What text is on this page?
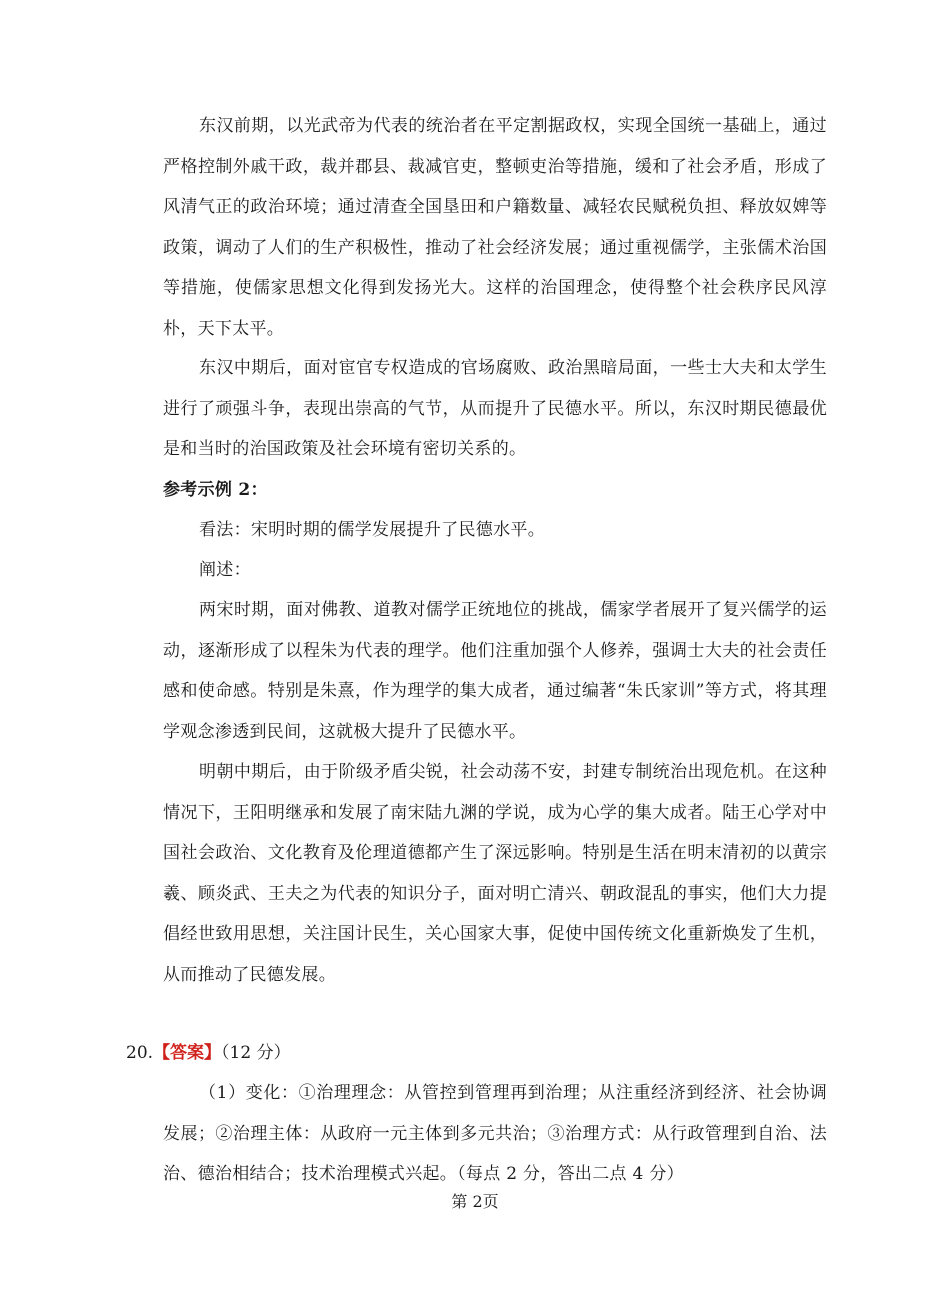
东汉前期，以光武帝为代表的统治者在平定割据政权，实现全国统一基础上，通过严格控制外戚干政，裁并郡县、裁减官吏，整顿吏治等措施，缓和了社会矛盾，形成了风清气正的政治环境；通过清查全国垦田和户籍数量、减轻农民赋税负担、释放奴婢等政策，调动了人们的生产积极性，推动了社会经济发展；通过重视儒学，主张儒术治国等措施，使儒家思想文化得到发扬光大。这样的治国理念，使得整个社会秩序民风淳朴，天下太平。

东汉中期后，面对宦官专权造成的官场腐败、政治黑暗局面，一些士大夫和太学生进行了顽强斗争，表现出崇高的气节，从而提升了民德水平。所以，东汉时期民德最优是和当时的治国政策及社会环境有密切关系的。

参考示例 2：

看法：宋明时期的儒学发展提升了民德水平。

阐述：

两宋时期，面对佛教、道教对儒学正统地位的挑战，儒家学者展开了复兴儒学的运动，逐渐形成了以程朱为代表的理学。他们注重加强个人修养，强调士大夫的社会责任感和使命感。特别是朱熹，作为理学的集大成者，通过编著“朱氏家训”等方式，将其理学观念渗透到民间，这就极大提升了民德水平。

明朝中期后，由于阶级矛盾尖锐，社会动荡不安，封建专制统治出现危机。在这种情况下，王阳明继承和发展了南宋陆九渊的学说，成为心学的集大成者。陆王心学对中国社会政治、文化教育及伦理道德都产生了深远影响。特别是生活在明末清初的以黄宗羲、顾炎武、王夫之为代表的知识分子，面对明亡清兴、朝政混乱的事实，他们大力提倡经世致用思想，关注国计民生，关心国家大事，促使中国传统文化重新焕发了生机，从而推动了民德发展。

20.【答案】（12 分）

（1）变化：①治理理念：从管控到管理再到治理；从注重经济到经济、社会协调发展；②治理主体：从政府一元主体到多元共治；③治理方式：从行政管理到自治、法治、德治相结合；技术治理模式兴起。（每点 2 分，答出二点 4 分）

第 2页
